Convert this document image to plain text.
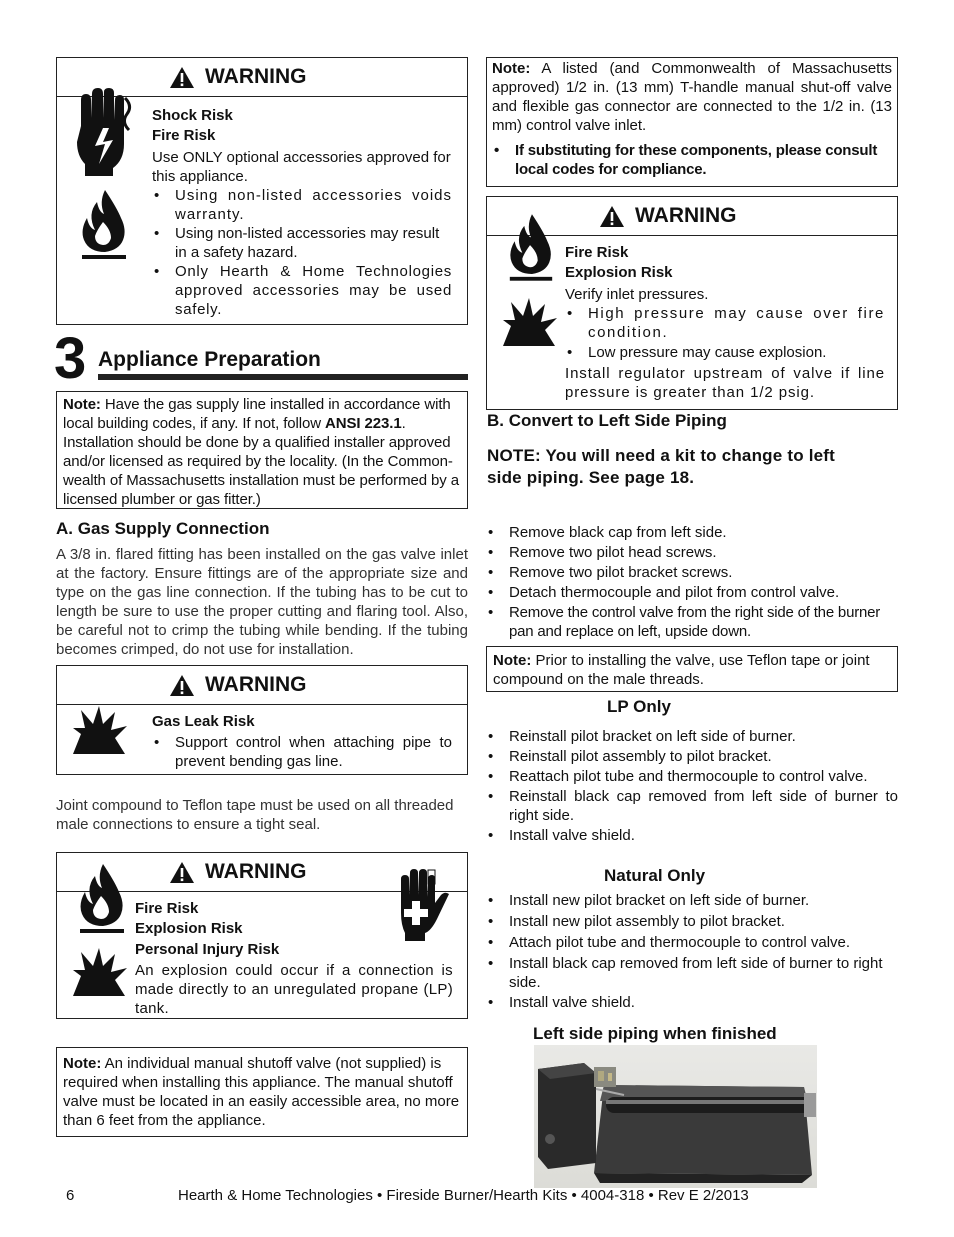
WARNING
Shock Risk
Fire Risk
Use ONLY optional accessories approved for this appliance.
• Using non-listed accessories voids warranty.
• Using non-listed accessories may result in a safety hazard.
• Only Hearth & Home Technologies approved accessories may be used safely.
3 Appliance Preparation
Note: Have the gas supply line installed in accordance with local building codes, if any. If not, follow ANSI 223.1. Installation should be done by a qualified installer approved and/or licensed as required by the locality. (In the Common-wealth of Massachusetts installation must be performed by a licensed plumber or gas fitter.)
A. Gas Supply Connection
A 3/8 in. flared fitting has been installed on the gas valve inlet at the factory. Ensure fittings are of the appropriate size and type on the gas line connection. If the tubing has to be cut to length be sure to use the proper cutting and flaring tool. Also, be careful not to crimp the tubing while bending. If the tubing becomes crimped, do not use for installation.
WARNING
Gas Leak Risk
• Support control when attaching pipe to prevent bending gas line.
Joint compound to Teflon tape must be used on all threaded male connections to ensure a tight seal.
WARNING
Fire Risk
Explosion Risk
Personal Injury Risk
An explosion could occur if a connection is made directly to an unregulated propane (LP) tank.
Note: An individual manual shutoff valve (not supplied) is required when installing this appliance. The manual shutoff valve must be located in an easily accessible area, no more than 6 feet from the appliance.
Note: A listed (and Commonwealth of Massachusetts approved) 1/2 in. (13 mm) T-handle manual shut-off valve and flexible gas connector are connected to the 1/2 in. (13 mm) control valve inlet.
• If substituting for these components, please consult local codes for compliance.
WARNING
Fire Risk
Explosion Risk
Verify inlet pressures.
• High pressure may cause over fire condition.
• Low pressure may cause explosion.
Install regulator upstream of valve if line pressure is greater than 1/2 psig.
B. Convert to Left Side Piping
NOTE: You will need a kit to change to left side piping. See page 18.
• Remove black cap from left side.
• Remove two pilot head screws.
• Remove two pilot bracket screws.
• Detach thermocouple and pilot from control valve.
• Remove the control valve from the right side of the burner pan and replace on left, upside down.
Note: Prior to installing the valve, use Teflon tape or joint compound on the male threads.
LP Only
• Reinstall pilot bracket on left side of burner.
• Reinstall pilot assembly to pilot bracket.
• Reattach pilot tube and thermocouple to control valve.
• Reinstall black cap removed from left side of burner to right side.
• Install valve shield.
Natural Only
• Install new pilot bracket on left side of burner.
• Install new pilot assembly to pilot bracket.
• Attach pilot tube and thermocouple to control valve.
• Install black cap removed from left side of burner to right side.
• Install valve shield.
Left side piping when finished
6	Hearth & Home Technologies • Fireside Burner/Hearth Kits • 4004-318 • Rev E 2/2013
